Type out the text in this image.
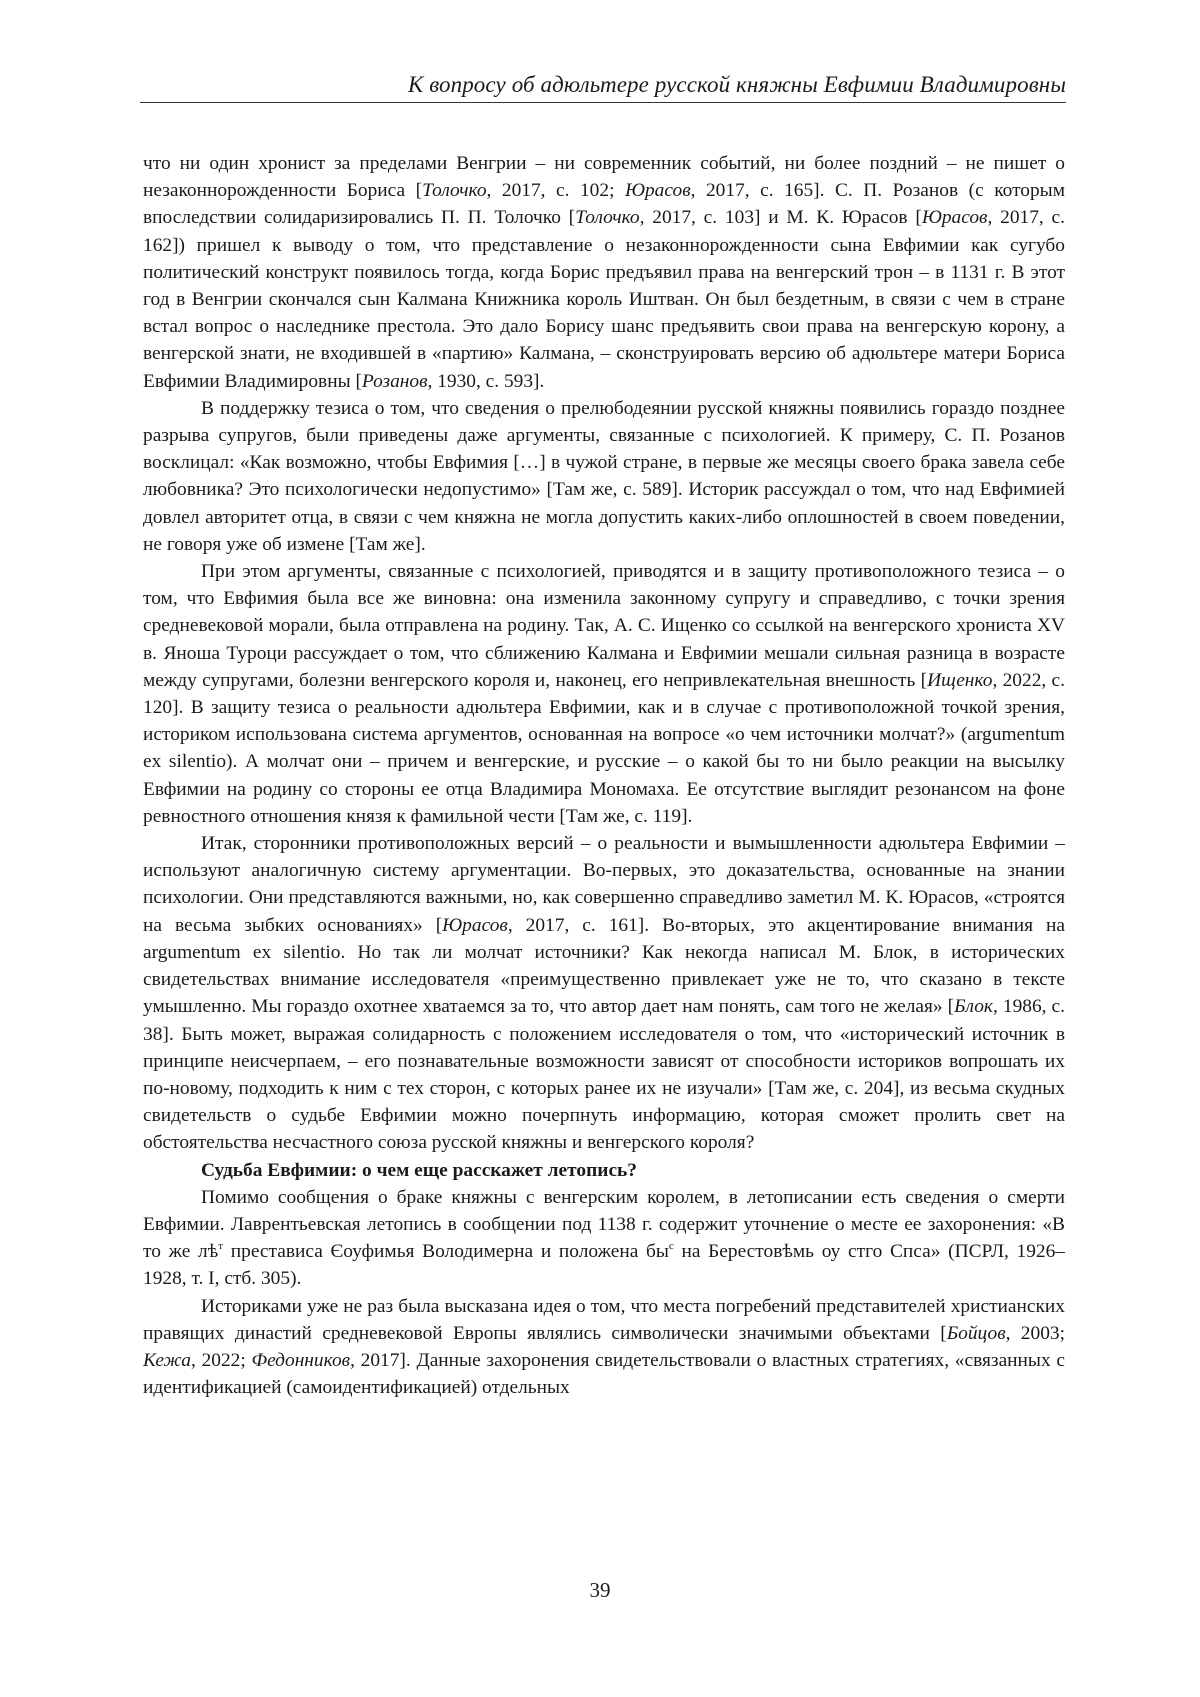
К вопросу об адюльтере русской княжны Евфимии Владимировны

что ни один хронист за пределами Венгрии – ни современник событий, ни более поздний – не пишет о незаконнорожденности Бориса [Толочко, 2017, с. 102; Юрасов, 2017, с. 165]. С. П. Розанов (с которым впоследствии солидаризировались П. П. Толочко [Толочко, 2017, с. 103] и М. К. Юрасов [Юрасов, 2017, с. 162]) пришел к выводу о том, что представление о незаконнорожденности сына Евфимии как сугубо политический конструкт появилось тогда, когда Борис предъявил права на венгерский трон – в 1131 г. В этот год в Венгрии скончался сын Калмана Книжника король Иштван. Он был бездетным, в связи с чем в стране встал вопрос о наследнике престола. Это дало Борису шанс предъявить свои права на венгерскую корону, а венгерской знати, не входившей в «партию» Калмана, – сконструировать версию об адюльтере матери Бориса Евфимии Владимировны [Розанов, 1930, с. 593].

В поддержку тезиса о том, что сведения о прелюбодеянии русской княжны появились гораздо позднее разрыва супругов, были приведены даже аргументы, связанные с психологией. К примеру, С. П. Розанов восклицал: «Как возможно, чтобы Евфимия […] в чужой стране, в первые же месяцы своего брака завела себе любовника? Это психологически недопустимо» [Там же, с. 589]. Историк рассуждал о том, что над Евфимией довлел авторитет отца, в связи с чем княжна не могла допустить каких-либо оплошностей в своем поведении, не говоря уже об измене [Там же].

При этом аргументы, связанные с психологией, приводятся и в защиту противоположного тезиса – о том, что Евфимия была все же виновна: она изменила законному супругу и справедливо, с точки зрения средневековой морали, была отправлена на родину. Так, А. С. Ищенко со ссылкой на венгерского хрониста XV в. Яноша Туроци рассуждает о том, что сближению Калмана и Евфимии мешали сильная разница в возрасте между супругами, болезни венгерского короля и, наконец, его непривлекательная внешность [Ищенко, 2022, с. 120]. В защиту тезиса о реальности адюльтера Евфимии, как и в случае с противоположной точкой зрения, историком использована система аргументов, основанная на вопросе «о чем источники молчат?» (argumentum ex silentio). А молчат они – причем и венгерские, и русские – о какой бы то ни было реакции на высылку Евфимии на родину со стороны ее отца Владимира Мономаха. Ее отсутствие выглядит резонансом на фоне ревностного отношения князя к фамильной чести [Там же, с. 119].

Итак, сторонники противоположных версий – о реальности и вымышленности адюльтера Евфимии – используют аналогичную систему аргументации. Во-первых, это доказательства, основанные на знании психологии. Они представляются важными, но, как совершенно справедливо заметил М. К. Юрасов, «строятся на весьма зыбких основаниях» [Юрасов, 2017, с. 161]. Во-вторых, это акцентирование внимания на argumentum ex silentio. Но так ли молчат источники? Как некогда написал М. Блок, в исторических свидетельствах внимание исследователя «преимущественно привлекает уже не то, что сказано в тексте умышленно. Мы гораздо охотнее хватаемся за то, что автор дает нам понять, сам того не желая» [Блок, 1986, с. 38]. Быть может, выражая солидарность с положением исследователя о том, что «исторический источник в принципе неисчерпаем, – его познавательные возможности зависят от способности историков вопрошать их по-новому, подходить к ним с тех сторон, с которых ранее их не изучали» [Там же, с. 204], из весьма скудных свидетельств о судьбе Евфимии можно почерпнуть информацию, которая сможет пролить свет на обстоятельства несчастного союза русской княжны и венгерского короля?

Судьба Евфимии: о чем еще расскажет летопись?

Помимо сообщения о браке княжны с венгерским королем, в летописании есть сведения о смерти Евфимии. Лаврентьевская летопись в сообщении под 1138 г. содержит уточнение о месте ее захоронения: «В то же лѣт престависа Єоуфимья Володимерна и положена быс на Берестовѣмь оу стго Спса» (ПСРЛ, 1926–1928, т. I, стб. 305).

Историками уже не раз была высказана идея о том, что места погребений представителей христианских правящих династий средневековой Европы являлись символически значимыми объектами [Бойцов, 2003; Кежа, 2022; Федонников, 2017]. Данные захоронения свидетельствовали о властных стратегиях, «связанных с идентификацией (самоидентификацией) отдельных

39
